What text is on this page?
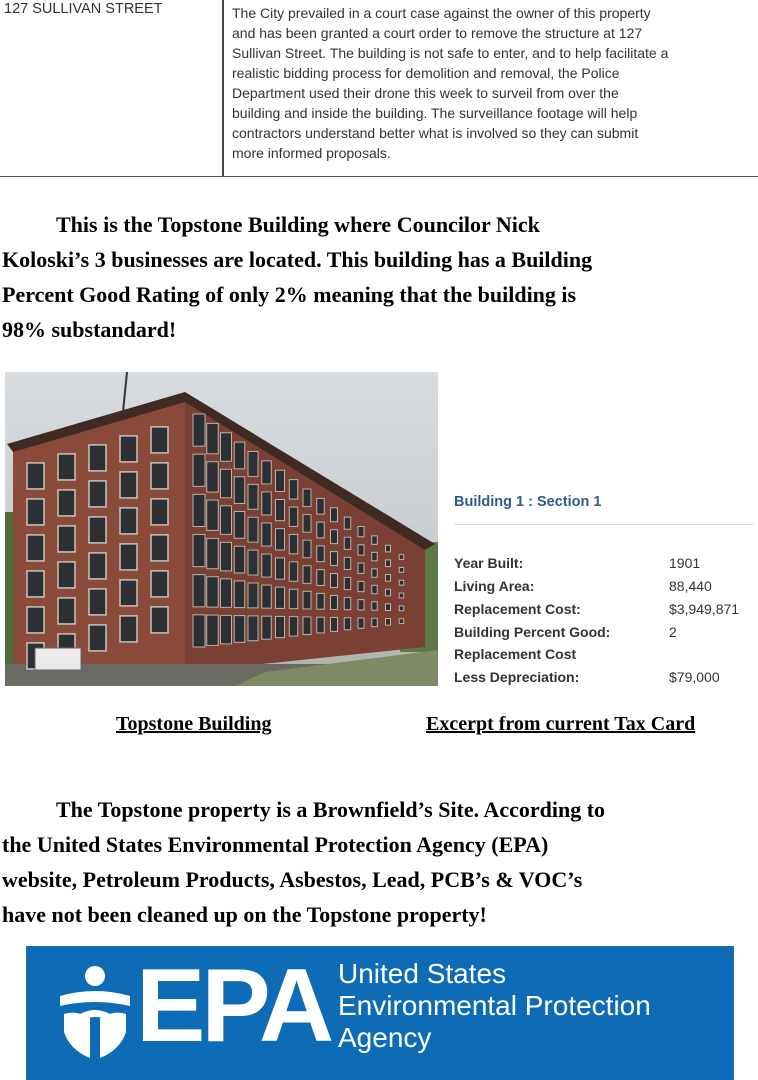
127 SULLIVAN STREET	The City prevailed in a court case against the owner of this property
and has been granted a court order to remove the structure at 127
Sullivan Street. The building is not safe to enter, and to help facilitate a
realistic bidding process for demolition and removal, the Police
Department used their drone this week to surveil from over the
building and inside the building. The surveillance footage will help
contractors understand better what is involved so they can submit
more informed proposals.
This is the Topstone Building where Councilor Nick
Koloski’s 3 businesses are located. This building has a Building
Percent Good Rating of only 2% meaning that the building is
98% substandard!
Building 1 : Section 1
Year Built:	1901
Living Area:	88,440
Replacement Cost:	$3,949,871
Building Percent Good:	2
Replacement Cost
Less Depreciation:	$79,000
Topstone Building	Excerpt from current Tax Card
The Topstone property is a Brownfield’s Site. According to
the United States Environmental Protection Agency (EPA)
website, Petroleum Products, Asbestos, Lead, PCB’s & VOC’s
have not been cleaned up on the Topstone property!
EPA United States
Environmental Protection
Agency
